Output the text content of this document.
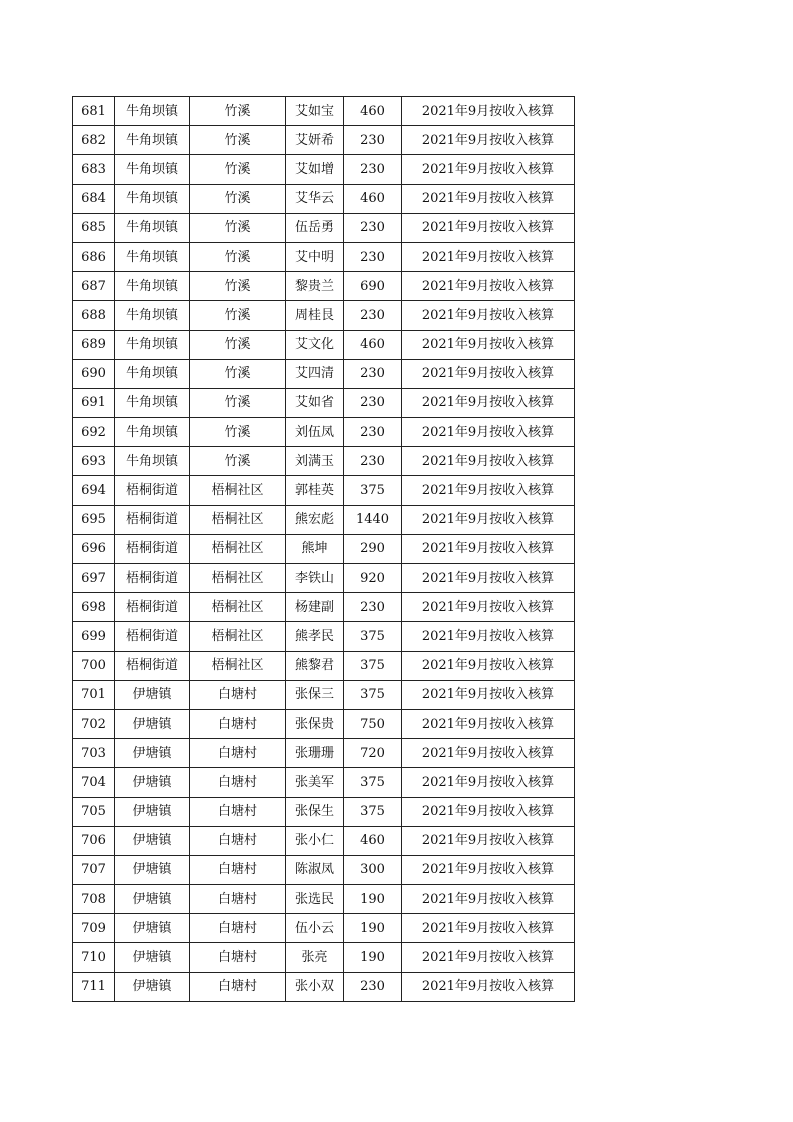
681	牛角坝镇	竹溪	艾如宝	460	2021年9月按收入核算
682	牛角坝镇	竹溪	艾妍希	230	2021年9月按收入核算
683	牛角坝镇	竹溪	艾如增	230	2021年9月按收入核算
684	牛角坝镇	竹溪	艾华云	460	2021年9月按收入核算
685	牛角坝镇	竹溪	伍岳勇	230	2021年9月按收入核算
686	牛角坝镇	竹溪	艾中明	230	2021年9月按收入核算
687	牛角坝镇	竹溪	黎贵兰	690	2021年9月按收入核算
688	牛角坝镇	竹溪	周桂艮	230	2021年9月按收入核算
689	牛角坝镇	竹溪	艾文化	460	2021年9月按收入核算
690	牛角坝镇	竹溪	艾四清	230	2021年9月按收入核算
691	牛角坝镇	竹溪	艾如省	230	2021年9月按收入核算
692	牛角坝镇	竹溪	刘伍凤	230	2021年9月按收入核算
693	牛角坝镇	竹溪	刘满玉	230	2021年9月按收入核算
694	梧桐街道	梧桐社区	郭桂英	375	2021年9月按收入核算
695	梧桐街道	梧桐社区	熊宏彪	1440	2021年9月按收入核算
696	梧桐街道	梧桐社区	熊坤	290	2021年9月按收入核算
697	梧桐街道	梧桐社区	李铁山	920	2021年9月按收入核算
698	梧桐街道	梧桐社区	杨建副	230	2021年9月按收入核算
699	梧桐街道	梧桐社区	熊孝民	375	2021年9月按收入核算
700	梧桐街道	梧桐社区	熊黎君	375	2021年9月按收入核算
701	伊塘镇	白塘村	张保三	375	2021年9月按收入核算
702	伊塘镇	白塘村	张保贵	750	2021年9月按收入核算
703	伊塘镇	白塘村	张珊珊	720	2021年9月按收入核算
704	伊塘镇	白塘村	张美军	375	2021年9月按收入核算
705	伊塘镇	白塘村	张保生	375	2021年9月按收入核算
706	伊塘镇	白塘村	张小仁	460	2021年9月按收入核算
707	伊塘镇	白塘村	陈淑凤	300	2021年9月按收入核算
708	伊塘镇	白塘村	张选民	190	2021年9月按收入核算
709	伊塘镇	白塘村	伍小云	190	2021年9月按收入核算
710	伊塘镇	白塘村	张亮	190	2021年9月按收入核算
711	伊塘镇	白塘村	张小双	230	2021年9月按收入核算
